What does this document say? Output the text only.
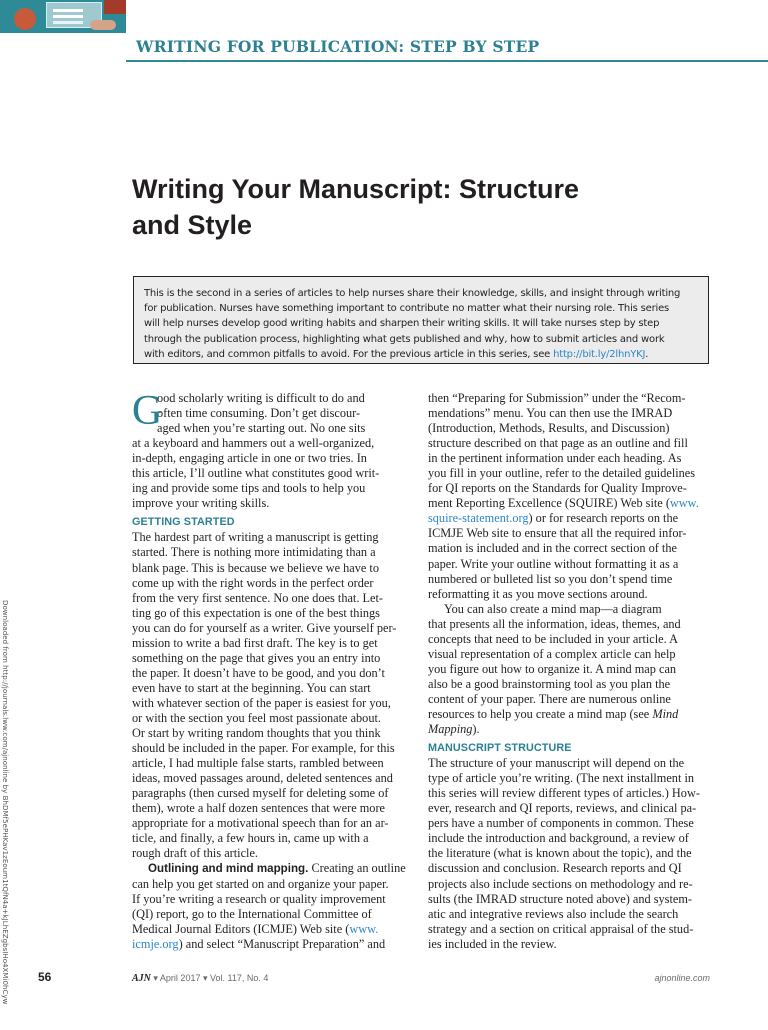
WRITING FOR PUBLICATION: STEP BY STEP
Downloaded from http://journals.lww.com/ajnonline by BhDMf5ePHKav1zEoum1tQfN4a+kJLhEZgbsIHo4XMi0hCyw
Writing Your Manuscript: Structure
and Style
This is the second in a series of articles to help nurses share their knowledge, skills, and insight through writing
for publication. Nurses have something important to contribute no matter what their nursing role. This series
will help nurses develop good writing habits and sharpen their writing skills. It will take nurses step by step
through the publication process, highlighting what gets published and why, how to submit articles and work
with editors, and common pitfalls to avoid. For the previous article in this series, see http://bit.ly/2lhnYKJ.
G
ood scholarly writing is difficult to do and
often time consuming. Don’t get discour-
aged when you’re starting out. No one sits
at a keyboard and hammers out a well-organized,
in-depth, engaging article in one or two tries. In
this article, I’ll outline what constitutes good writ-
ing and provide some tips and tools to help you
improve your writing skills.
GETTING STARTED
The hardest part of writing a manuscript is getting
started. There is nothing more intimidating than a
blank page. This is because we believe we have to
come up with the right words in the perfect order
from the very first sentence. No one does that. Let-
ting go of this expectation is one of the best things
you can do for yourself as a writer. Give yourself per-
mission to write a bad first draft. The key is to get
something on the page that gives you an entry into
the paper. It doesn’t have to be good, and you don’t
even have to start at the beginning. You can start
with whatever section of the paper is easiest for you,
or with the section you feel most passionate about.
Or start by writing random thoughts that you think
should be included in the paper. For example, for this
article, I had multiple false starts, rambled between
ideas, moved passages around, deleted sentences and
paragraphs (then cursed myself for deleting some of
them), wrote a half dozen sentences that were more
appropriate for a motivational speech than for an ar-
ticle, and finally, a few hours in, came up with a
rough draft of this article.
Outlining and mind mapping. Creating an outline
can help you get started on and organize your paper.
If you’re writing a research or quality improvement
(QI) report, go to the International Committee of
Medical Journal Editors (ICMJE) Web site (www.
icmje.org) and select “Manuscript Preparation” and
then “Preparing for Submission” under the “Recom-
mendations” menu. You can then use the IMRAD
(Introduction, Methods, Results, and Discussion)
structure described on that page as an outline and fill
in the pertinent information under each heading. As
you fill in your outline, refer to the detailed guidelines
for QI reports on the Standards for Quality Improve-
ment Reporting Excellence (SQUIRE) Web site (www.
squire-statement.org) or for research reports on the
ICMJE Web site to ensure that all the required infor-
mation is included and in the correct section of the
paper. Write your outline without formatting it as a
numbered or bulleted list so you don’t spend time
reformatting it as you move sections around.
You can also create a mind map—a diagram
that presents all the information, ideas, themes, and
concepts that need to be included in your article. A
visual representation of a complex article can help
you figure out how to organize it. A mind map can
also be a good brainstorming tool as you plan the
content of your paper. There are numerous online
resources to help you create a mind map (see Mind
Mapping).
MANUSCRIPT STRUCTURE
The structure of your manuscript will depend on the
type of article you’re writing. (The next installment in
this series will review different types of articles.) How-
ever, research and QI reports, reviews, and clinical pa-
pers have a number of components in common. These
include the introduction and background, a review of
the literature (what is known about the topic), and the
discussion and conclusion. Research reports and QI
projects also include sections on methodology and re-
sults (the IMRAD structure noted above) and system-
atic and integrative reviews also include the search
strategy and a section on critical appraisal of the stud-
ies included in the review.
56	AJN ▾ April 2017 ▾ Vol. 117, No. 4	ajnonline.com
